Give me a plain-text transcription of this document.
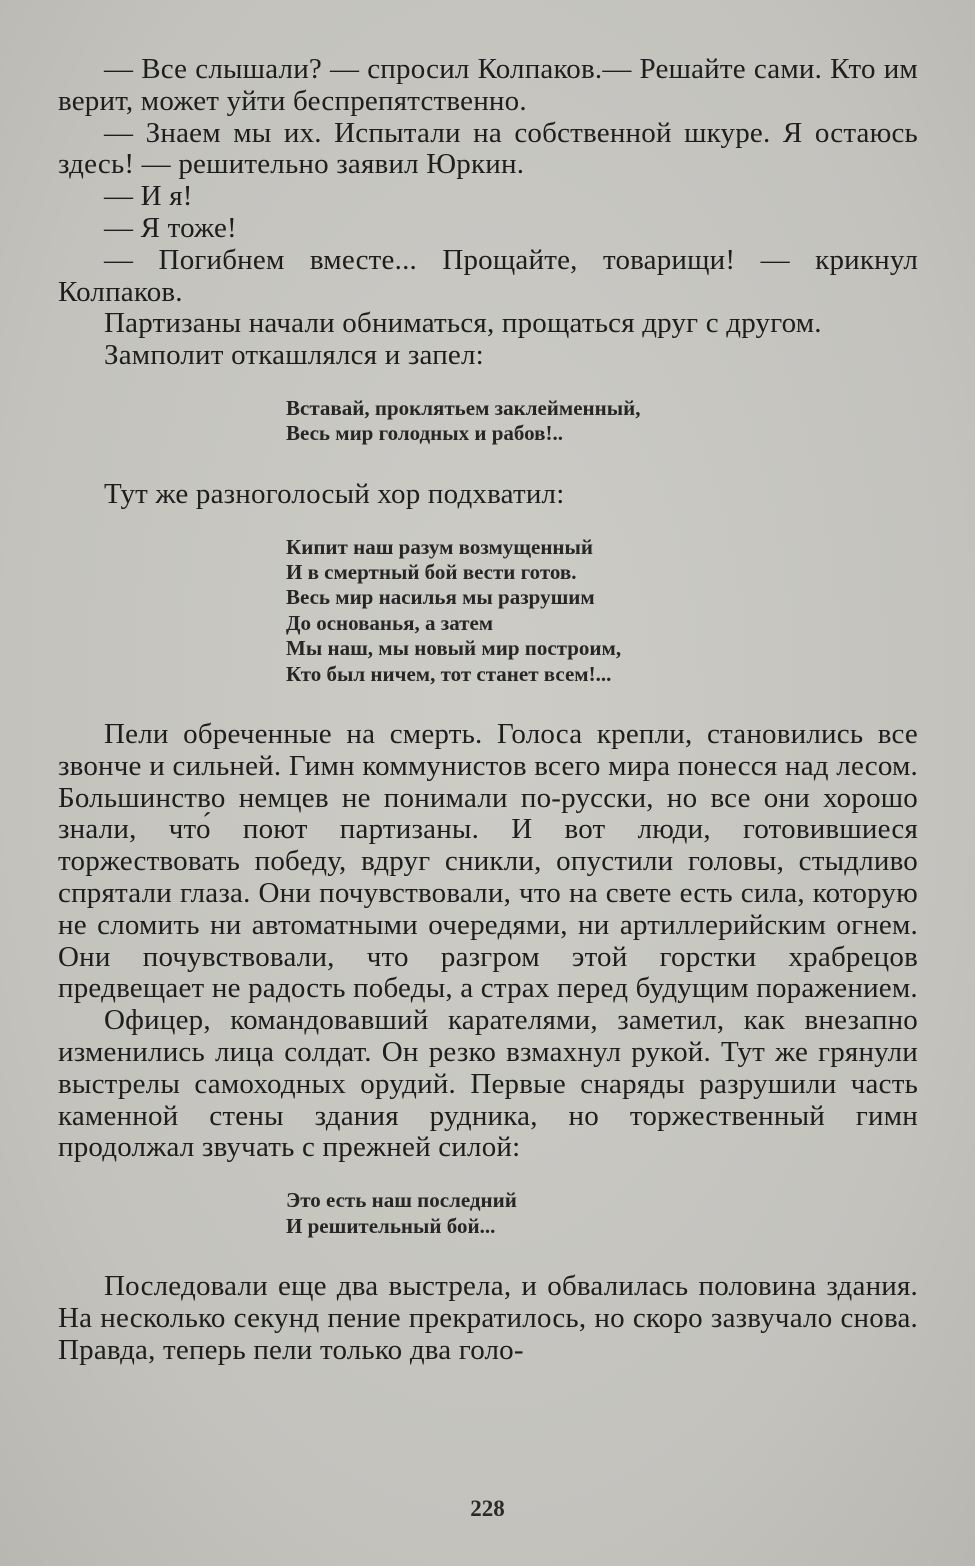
— Все слышали? — спросил Колпаков.— Решайте сами. Кто им верит, может уйти беспрепятственно.

— Знаем мы их. Испытали на собственной шкуре. Я остаюсь здесь! — решительно заявил Юркин.

— И я!

— Я тоже!

— Погибнем вместе... Прощайте, товарищи! — крикнул Колпаков.

Партизаны начали обниматься, прощаться друг с другом.

Замполит откашлялся и запел:

Вставай, проклятьем заклейменный,
Весь мир голодных и рабов!..

Тут же разноголосый хор подхватил:

Кипит наш разум возмущенный
И в смертный бой вести готов.
Весь мир насилья мы разрушим
До основанья, а затем
Мы наш, мы новый мир построим,
Кто был ничем, тот станет всем!...

Пели обреченные на смерть. Голоса крепли, становились все звонче и сильней. Гимн коммунистов всего мира понесся над лесом. Большинство немцев не понимали по-русски, но все они хорошо знали, что́ поют партизаны. И вот люди, готовившиеся торжествовать победу, вдруг сникли, опустили головы, стыдливо спрятали глаза. Они почувствовали, что на свете есть сила, которую не сломить ни автоматными очередями, ни артиллерийским огнем. Они почувствовали, что разгром этой горстки храбрецов предвещает не радость победы, а страх перед будущим поражением.

Офицер, командовавший карателями, заметил, как внезапно изменились лица солдат. Он резко взмахнул рукой. Тут же грянули выстрелы самоходных орудий. Первые снаряды разрушили часть каменной стены здания рудника, но торжественный гимн продолжал звучать с прежней силой:

Это есть наш последний
И решительный бой...

Последовали еще два выстрела, и обвалилась половина здания. На несколько секунд пение прекратилось, но скоро зазвучало снова. Правда, теперь пели только два голо-

228
